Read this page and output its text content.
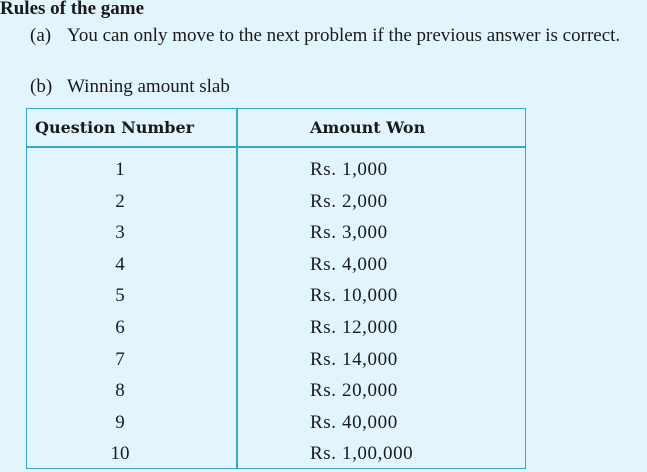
Rules of the game
(a) You can only move to the next problem if the previous answer is correct.
(b) Winning amount slab
Question Number	Amount Won
1	Rs. 1,000
2	Rs. 2,000
3	Rs. 3,000
4	Rs. 4,000
5	Rs. 10,000
6	Rs. 12,000
7	Rs. 14,000
8	Rs. 20,000
9	Rs. 40,000
10	Rs. 1,00,000
